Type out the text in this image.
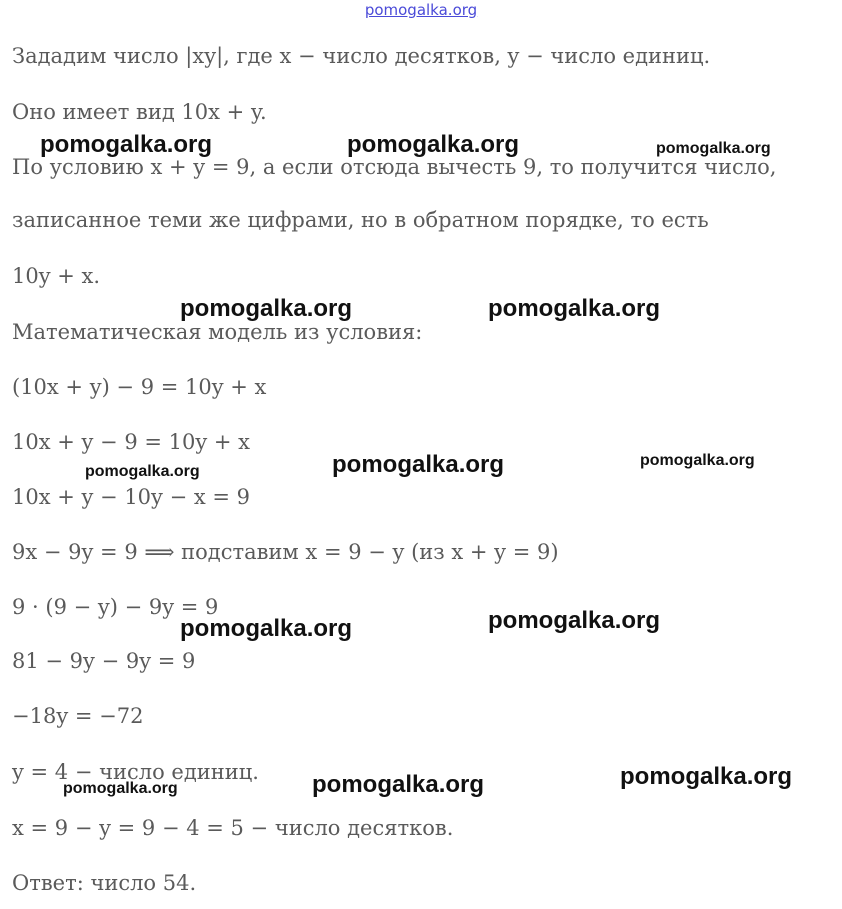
pomogalka.org

Зададим число |xy|, где x − число десятков, y − число единиц.

Оно имеет вид 10x + y.

По условию x + y = 9, а если отсюда вычесть 9, то получится число,

записанное теми же цифрами, но в обратном порядке, то есть

10y + x.

Математическая модель из условия:

(10x + y) − 9 = 10y + x

10x + y − 9 = 10y + x

10x + y − 10y − x = 9

9x − 9y = 9 ⟹ подставим x = 9 − y (из x + y = 9)

9 · (9 − y) − 9y = 9

81 − 9y − 9y = 9

−18y = −72

y = 4 − число единиц.

x = 9 − y = 9 − 4 = 5 − число десятков.

Ответ: число 54.

pomogalka.org	pomogalka.org	pomogalka.org
pomogalka.org	pomogalka.org
pomogalka.org	pomogalka.org	pomogalka.org
pomogalka.org	pomogalka.org
pomogalka.org	pomogalka.org	pomogalka.org
